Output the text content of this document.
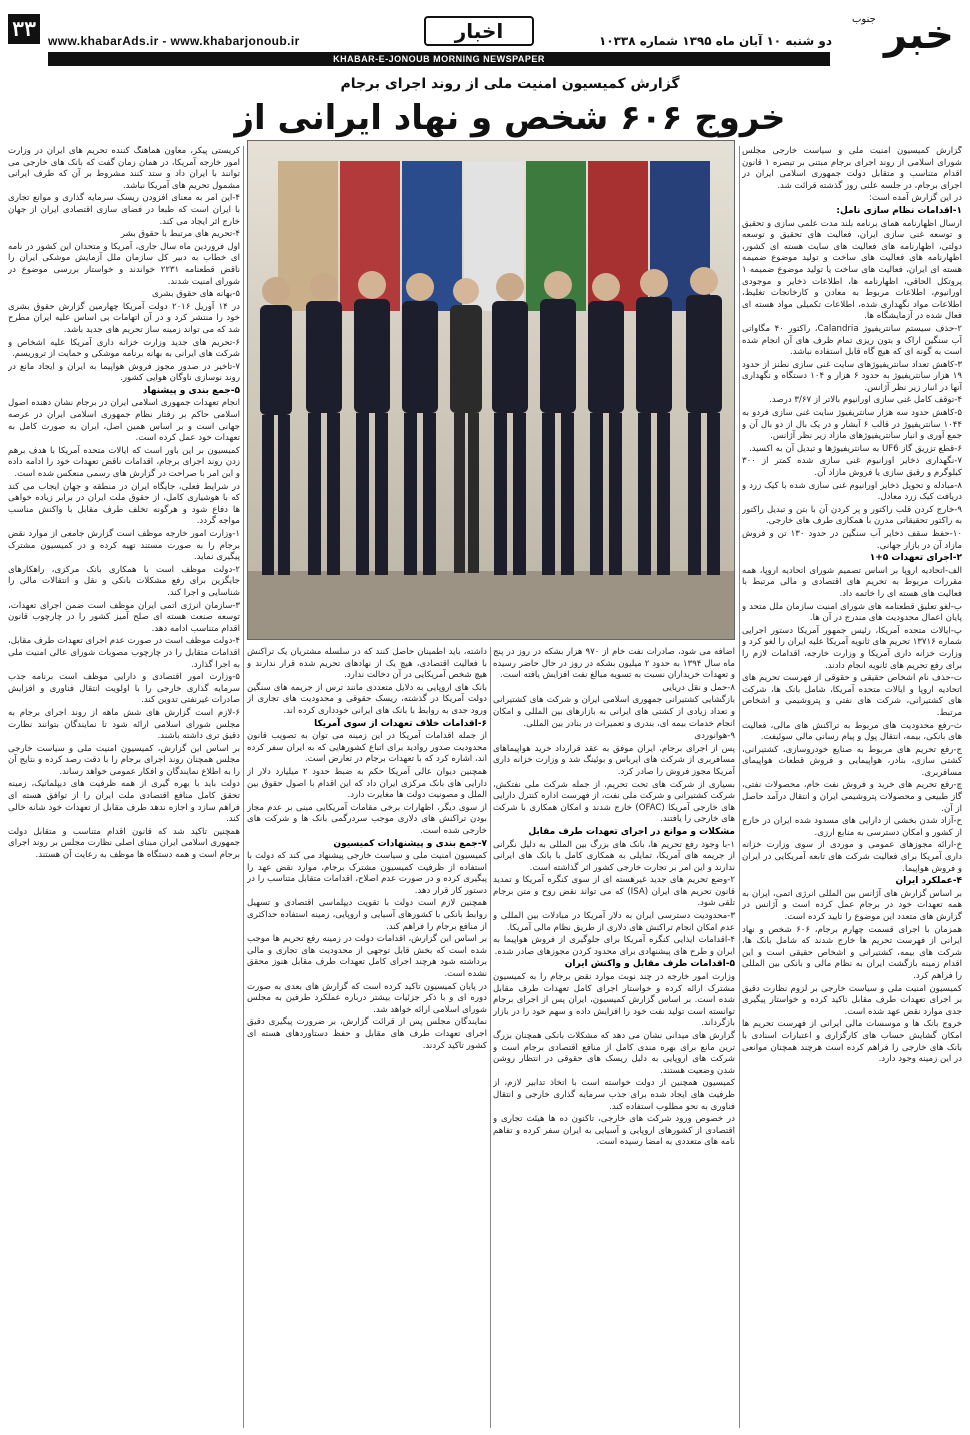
خبر
جنوب
۳۳ www.khabarAds.ir - www.khabarjonoub.ir	اخبار	دو شنبه ۱۰ آبان ماه ۱۳۹۵ شماره ۱۰۳۳۸
KHABAR-E-JONOUB MORNING NEWSPAPER
گزارش کمیسیون امنیت ملی از روند اجرای برجام
خروج ۶۰۶ شخص و نهاد ایرانی از

گزارش کمیسیون امنیت ملی و سیاست خارجی مجلس شورای اسلامی از روند اجرای برجام مبتنی بر تبصره ۱ قانون اقدام متناسب و متقابل دولت جمهوری اسلامی ایران در اجرای برجام، در جلسه علنی روز گذشته قرائت شد.

در این گزارش آمده است:

۱-اقدامات نظام سازی نامل:

ارسال اظهارنامه همای برنامه بلند مدت علمی سازی و تحقیق و توسعه غنی سازی ایران، فعالیت های تحقیق و توسعه دولتی، اظهارنامه های فعالیت های سایت هسته ای کشور، اظهارنامه های فعالیت های ساخت و تولید موضوع ضمیمه هسته ای ایران، فعالیت های ساخت یا تولید موضوع ضمیمه ۱ پروتکل الحاقی، اظهارنامه ها، اطلاعات ذخایر و موجودی اورانیوم، اطلاعات مربوط به معادن و کارخانجات تغلیظ، اطلاعات مواد نگهداری شده، اطلاعات تکمیلی مواد هسته ای فعال شده در آزمایشگاه ها.

۲-حذف سیستم سانتریفیوژ Calandria، راکتور ۴۰ مگاواتی آب سنگین اراک و بتون ریزی تمام ظرف های آن انجام شده است به گونه ای که هیچ گاه قابل استفاده نباشد.

۳-کاهش تعداد سانتریفیوژهای سایت غنی سازی نطنز از حدود ۱۹ هزار سانتریفیوژ به حدود ۶ هزار و ۱۰۴ دستگاه و نگهداری آنها در انبار زیر نظر آژانس.

۴-توقف کامل غنی سازی اورانیوم بالاتر از ۳/۶۷ درصد.

۵-کاهش حدود سه هزار سانتریفیوژ سایت غنی سازی فردو به ۱۰۴۴ سانتریفیوژ در قالب ۶ آبشار و در یک بال از دو بال آن و جمع آوری و انبار سانتریفیوژهای مازاد زیر نظر آژانس.

۶-قطع تزریق گاز UF6 به سانتریفیوژها و تبدیل آن به اکسید.

۷-نگهداری ذخایر اورانیوم غنی سازی شده کمتر از ۳۰۰ کیلوگرم و رقیق سازی یا فروش مازاد آن.

۸-مبادله و تحویل ذخایر اورانیوم غنی سازی شده با کیک زرد و دریافت کیک زرد معادل.

۹-خارج کردن قلب راکتور و پر کردن آن با بتن و تبدیل راکتور به راکتور تحقیقاتی مدرن با همکاری طرف های خارجی.

۱۰-حفظ سقف ذخایر آب سنگین در حدود ۱۳۰ تن و فروش مازاد آن در بازار جهانی.

۲-اجرای تعهدات ۵+۱

الف-اتحادیه اروپا بر اساس تصمیم شورای اتحادیه اروپا، همه مقررات مربوط به تحریم های اقتصادی و مالی مرتبط با فعالیت های هسته ای را خاتمه داد.

ب-لغو تعلیق قطعنامه های شورای امنیت سازمان ملل متحد و پایان اعمال محدودیت های مندرج در آن ها.

پ-ایالات متحده آمریکا، رئیس جمهور آمریکا دستور اجرایی شماره ۱۳۷۱۶ تحریم های ثانویه آمریکا علیه ایران را لغو کرد و وزارت خزانه داری آمریکا و وزارت خارجه، اقدامات لازم را برای رفع تحریم های ثانویه انجام دادند.

ت-حذف نام اشخاص حقیقی و حقوقی از فهرست تحریم های اتحادیه اروپا و ایالات متحده آمریکا، شامل بانک ها، شرکت های کشتیرانی، شرکت های نفتی و پتروشیمی و اشخاص مرتبط.

ث-رفع محدودیت های مربوط به تراکنش های مالی، فعالیت های بانکی، بیمه، انتقال پول و پیام رسانی مالی سوئیفت.

ج-رفع تحریم های مربوط به صنایع خودروسازی، کشتیرانی، کشتی سازی، بنادر، هواپیمایی و فروش قطعات هواپیمای مسافربری.

چ-رفع تحریم های خرید و فروش نفت خام، محصولات نفتی، گاز طبیعی و محصولات پتروشیمی ایران و انتقال درآمد حاصل از آن.

ح-آزاد شدن بخشی از دارایی های مسدود شده ایران در خارج از کشور و امکان دسترسی به منابع ارزی.

خ-ارائه مجوزهای عمومی و موردی از سوی وزارت خزانه داری آمریکا برای فعالیت شرکت های تابعه آمریکایی در ایران و فروش هواپیما.

۴-عملکرد ایران

بر اساس گزارش های آژانس بین المللی انرژی اتمی، ایران به همه تعهدات خود در برجام عمل کرده است و آژانس در گزارش های متعدد این موضوع را تایید کرده است.

همزمان با اجرای قسمت چهارم برجام، ۶۰۶ شخص و نهاد ایرانی از فهرست تحریم ها خارج شدند که شامل بانک ها، شرکت های بیمه، کشتیرانی و اشخاص حقیقی است و این اقدام زمینه بازگشت ایران به نظام مالی و بانکی بین المللی را فراهم کرد.

کمیسیون امنیت ملی و سیاست خارجی بر لزوم نظارت دقیق بر اجرای تعهدات طرف مقابل تاکید کرده و خواستار پیگیری جدی موارد نقض عهد شده است.

خروج بانک ها و موسسات مالی ایرانی از فهرست تحریم ها امکان گشایش حساب های کارگزاری و اعتبارات اسنادی با بانک های خارجی را فراهم کرده است هرچند همچنان موانعی در این زمینه وجود دارد.

اضافه می شود، صادرات نفت خام از ۹۷۰ هزار بشکه در روز در پنج ماه سال ۱۳۹۴ به حدود ۲ میلیون بشکه در روز در حال حاضر رسیده و تعهدات خریداران نسبت به تسویه مبالغ نفت افزایش یافته است.

۸-حمل و نقل دریایی

بازگشایی کشتیرانی جمهوری اسلامی ایران و شرکت های کشتیرانی و تعداد زیادی از کشتی های ایرانی به بازارهای بین المللی و امکان انجام خدمات بیمه ای، بندری و تعمیرات در بنادر بین المللی.

۹-هوانوردی

پس از اجرای برجام، ایران موفق به عقد قرارداد خرید هواپیماهای مسافربری از شرکت های ایرباس و بوئینگ شد و وزارت خزانه داری آمریکا مجوز فروش را صادر کرد.

بسیاری از شرکت های تحت تحریم، از جمله شرکت ملی نفتکش، شرکت کشتیرانی و شرکت ملی نفت، از فهرست اداره کنترل دارایی های خارجی آمریکا (OFAC) خارج شدند و امکان همکاری با شرکت های خارجی را یافتند.

مشکلات و موانع در اجرای تعهدات طرف مقابل

۱-با وجود رفع تحریم ها، بانک های بزرگ بین المللی به دلیل نگرانی از جریمه های آمریکا، تمایلی به همکاری کامل با بانک های ایرانی ندارند و این امر بر تجارت خارجی کشور اثر گذاشته است.

۲-وضع تحریم های جدید غیرهسته ای از سوی کنگره آمریکا و تمدید قانون تحریم های ایران (ISA) که می تواند نقض روح و متن برجام تلقی شود.

۳-محدودیت دسترسی ایران به دلار آمریکا در مبادلات بین المللی و عدم امکان انجام تراکنش های دلاری از طریق نظام مالی آمریکا.

۴-اقدامات ایذایی کنگره آمریکا برای جلوگیری از فروش هواپیما به ایران و طرح های پیشنهادی برای محدود کردن مجوزهای صادر شده.

۵-اقدامات طرف مقابل و واکنش ایران

وزارت امور خارجه در چند نوبت موارد نقض برجام را به کمیسیون مشترک ارائه کرده و خواستار اجرای کامل تعهدات طرف مقابل شده است. بر اساس گزارش کمیسیون، ایران پس از اجرای برجام توانسته است تولید نفت خود را افزایش داده و سهم خود را در بازار بازگرداند.

گزارش های میدانی نشان می دهد که مشکلات بانکی همچنان بزرگ ترین مانع برای بهره مندی کامل از منافع اقتصادی برجام است و شرکت های اروپایی به دلیل ریسک های حقوقی در انتظار روشن شدن وضعیت هستند.

کمیسیون همچنین از دولت خواسته است با اتخاذ تدابیر لازم، از ظرفیت های ایجاد شده برای جذب سرمایه گذاری خارجی و انتقال فناوری به نحو مطلوب استفاده کند.

در خصوص ورود شرکت های خارجی، تاکنون ده ها هیئت تجاری و اقتصادی از کشورهای اروپایی و آسیایی به ایران سفر کرده و تفاهم نامه های متعددی به امضا رسیده است.

داشته، باید اطمینان حاصل کنند که در سلسله مشتریان یک تراکنش با فعالیت اقتصادی، هیچ یک از نهادهای تحریم شده قرار ندارند و هیچ شخص آمریکایی در آن دخالت ندارد.

بانک های اروپایی به دلایل متعددی مانند ترس از جریمه های سنگین دولت آمریکا در گذشته، ریسک حقوقی و محدودیت های تجاری از ورود جدی به روابط با بانک های ایرانی خودداری کرده اند.

۶-اقدامات خلاف تعهدات از سوی آمریکا

از جمله اقدامات آمریکا در این زمینه می توان به تصویب قانون محدودیت صدور روادید برای اتباع کشورهایی که به ایران سفر کرده اند، اشاره کرد که با تعهدات برجام در تعارض است.

همچنین دیوان عالی آمریکا حکم به ضبط حدود ۲ میلیارد دلار از دارایی های بانک مرکزی ایران داد که این اقدام با اصول حقوق بین الملل و مصونیت دولت ها مغایرت دارد.

از سوی دیگر، اظهارات برخی مقامات آمریکایی مبنی بر عدم مجاز بودن تراکنش های دلاری موجب سردرگمی بانک ها و شرکت های خارجی شده است.

۷-جمع بندی و پیشنهادات کمیسیون

کمیسیون امنیت ملی و سیاست خارجی پیشنهاد می کند که دولت با استفاده از ظرفیت کمیسیون مشترک برجام، موارد نقض عهد را پیگیری کرده و در صورت عدم اصلاح، اقدامات متقابل متناسب را در دستور کار قرار دهد.

همچنین لازم است دولت با تقویت دیپلماسی اقتصادی و تسهیل روابط بانکی با کشورهای آسیایی و اروپایی، زمینه استفاده حداکثری از منافع برجام را فراهم کند.

بر اساس این گزارش، اقدامات دولت در زمینه رفع تحریم ها موجب شده است که بخش قابل توجهی از محدودیت های تجاری و مالی برداشته شود هرچند اجرای کامل تعهدات طرف مقابل هنوز محقق نشده است.

در پایان کمیسیون تاکید کرده است که گزارش های بعدی به صورت دوره ای و با ذکر جزئیات بیشتر درباره عملکرد طرفین به مجلس شورای اسلامی ارائه خواهد شد.

نمایندگان مجلس پس از قرائت گزارش، بر ضرورت پیگیری دقیق اجرای تعهدات طرف های مقابل و حفظ دستاوردهای هسته ای کشور تاکید کردند.

کریستی پیکر، معاون هماهنگ کننده تحریم های ایران در وزارت امور خارجه آمریکا، در همان زمان گفت که بانک های خارجی می توانند با ایران داد و ستد کنند مشروط بر آن که طرف ایرانی مشمول تحریم های آمریکا نباشد.

۴-این امر به معنای افزودن ریسک سرمایه گذاری و موانع تجاری با ایران است که طبعا در فضای سازی اقتصادی ایران از جهان خارج اثر ایجاد می کند.

۴-تحریم های مرتبط با حقوق بشر

اول فروردین ماه سال جاری، آمریکا و متحدان این کشور در نامه ای خطاب به دبیر کل سازمان ملل آزمایش موشکی ایران را ناقض قطعنامه ۲۲۳۱ خواندند و خواستار بررسی موضوع در شورای امنیت شدند.

۵-بهانه های حقوق بشری

در ۱۴ آوریل ۲۰۱۶ دولت آمریکا چهارمین گزارش حقوق بشری خود را منتشر کرد و در آن اتهامات بی اساس علیه ایران مطرح شد که می تواند زمینه ساز تحریم های جدید باشد.

۶-تحریم های جدید وزارت خزانه داری آمریکا علیه اشخاص و شرکت های ایرانی به بهانه برنامه موشکی و حمایت از تروریسم.

۷-تاخیر در صدور مجوز فروش هواپیما به ایران و ایجاد مانع در روند نوسازی ناوگان هوایی کشور.

۵-جمع بندی و پیشنهاد

انجام تعهدات جمهوری اسلامی ایران در برجام نشان دهنده اصول اسلامی حاکم بر رفتار نظام جمهوری اسلامی ایران در عرصه جهانی است و بر اساس همین اصل، ایران به صورت کامل به تعهدات خود عمل کرده است.

کمیسیون بر این باور است که ایالات متحده آمریکا با هدف برهم زدن روند اجرای برجام، اقدامات ناقض تعهدات خود را ادامه داده و این امر با صراحت در گزارش های رسمی منعکس شده است.

در شرایط فعلی، جایگاه ایران در منطقه و جهان ایجاب می کند که با هوشیاری کامل، از حقوق ملت ایران در برابر زیاده خواهی ها دفاع شود و هرگونه تخلف طرف مقابل با واکنش مناسب مواجه گردد.

۱-وزارت امور خارجه موظف است گزارش جامعی از موارد نقض برجام را به صورت مستند تهیه کرده و در کمیسیون مشترک پیگیری نماید.

۲-دولت موظف است با همکاری بانک مرکزی، راهکارهای جایگزین برای رفع مشکلات بانکی و نقل و انتقالات مالی را شناسایی و اجرا کند.

۳-سازمان انرژی اتمی ایران موظف است ضمن اجرای تعهدات، توسعه صنعت هسته ای صلح آمیز کشور را در چارچوب قانون اقدام متناسب ادامه دهد.

۴-دولت موظف است در صورت عدم اجرای تعهدات طرف مقابل، اقدامات متقابل را در چارچوب مصوبات شورای عالی امنیت ملی به اجرا گذارد.

۵-وزارت امور اقتصادی و دارایی موظف است برنامه جذب سرمایه گذاری خارجی را با اولویت انتقال فناوری و افزایش صادرات غیرنفتی تدوین کند.

۶-لازم است گزارش های شش ماهه از روند اجرای برجام به مجلس شورای اسلامی ارائه شود تا نمایندگان بتوانند نظارت دقیق تری داشته باشند.

بر اساس این گزارش، کمیسیون امنیت ملی و سیاست خارجی مجلس همچنان روند اجرای برجام را با دقت رصد کرده و نتایج آن را به اطلاع نمایندگان و افکار عمومی خواهد رساند.

دولت باید با بهره گیری از همه ظرفیت های دیپلماتیک، زمینه تحقق کامل منافع اقتصادی ملت ایران را از توافق هسته ای فراهم سازد و اجازه ندهد طرف مقابل از تعهدات خود شانه خالی کند.

همچنین تاکید شد که قانون اقدام متناسب و متقابل دولت جمهوری اسلامی ایران مبنای اصلی نظارت مجلس بر روند اجرای برجام است و همه دستگاه ها موظف به رعایت آن هستند.
